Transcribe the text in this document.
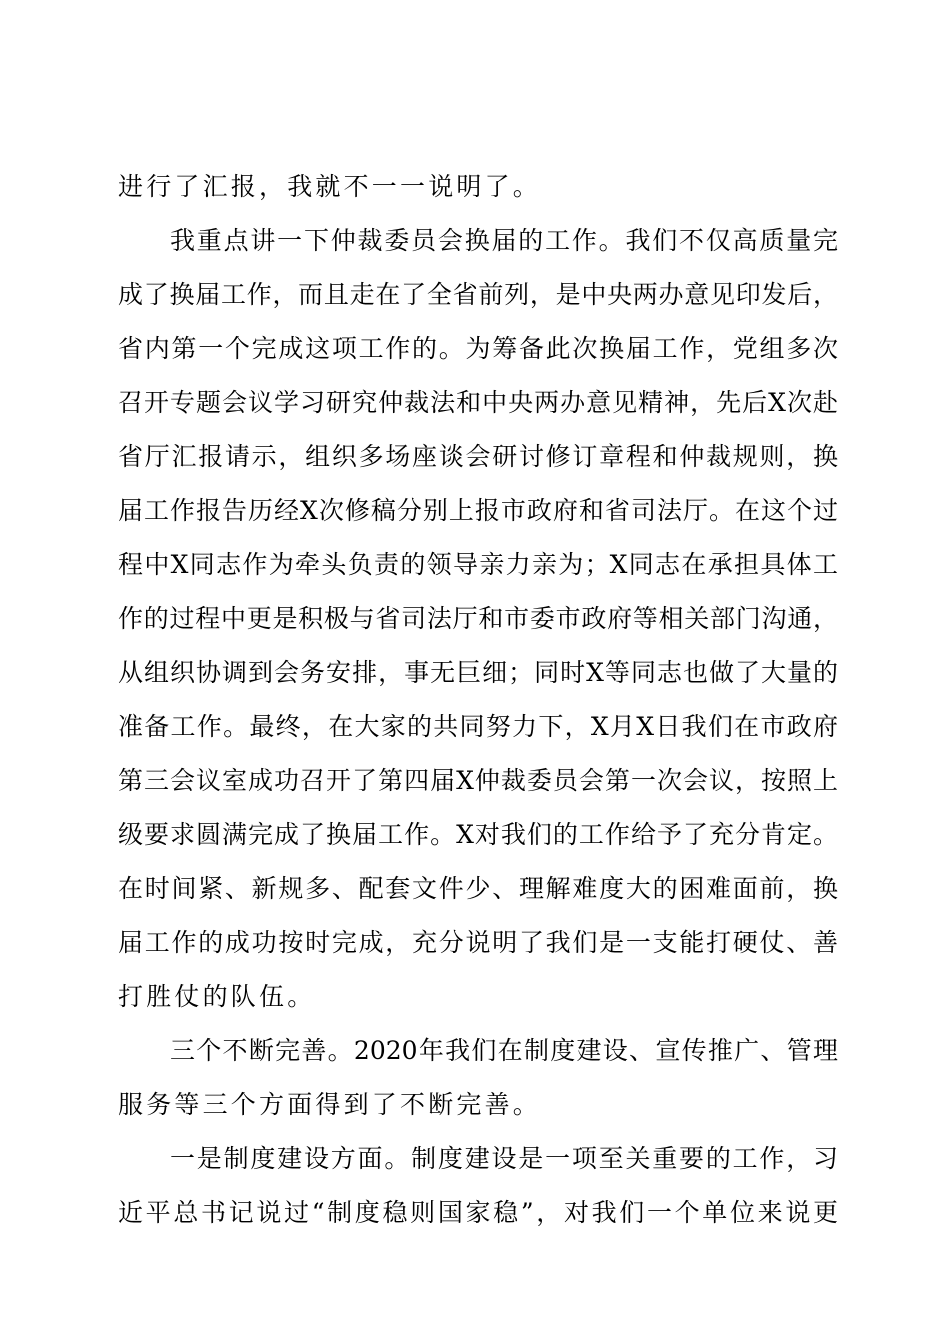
进行了汇报，我就不一一说明了。
我重点讲一下仲裁委员会换届的工作。我们不仅高质量完
成了换届工作，而且走在了全省前列，是中央两办意见印发后，
省内第一个完成这项工作的。为筹备此次换届工作，党组多次
召开专题会议学习研究仲裁法和中央两办意见精神，先后X次赴
省厅汇报请示，组织多场座谈会研讨修订章程和仲裁规则，换
届工作报告历经X次修稿分别上报市政府和省司法厅。在这个过
程中X同志作为牵头负责的领导亲力亲为；X同志在承担具体工
作的过程中更是积极与省司法厅和市委市政府等相关部门沟通，
从组织协调到会务安排，事无巨细；同时X等同志也做了大量的
准备工作。最终，在大家的共同努力下，X月X日我们在市政府
第三会议室成功召开了第四届X仲裁委员会第一次会议，按照上
级要求圆满完成了换届工作。X对我们的工作给予了充分肯定。
在时间紧、新规多、配套文件少、理解难度大的困难面前，换
届工作的成功按时完成，充分说明了我们是一支能打硬仗、善
打胜仗的队伍。
三个不断完善。2020年我们在制度建设、宣传推广、管理
服务等三个方面得到了不断完善。
一是制度建设方面。制度建设是一项至关重要的工作，习
近平总书记说过“制度稳则国家稳”，对我们一个单位来说更
